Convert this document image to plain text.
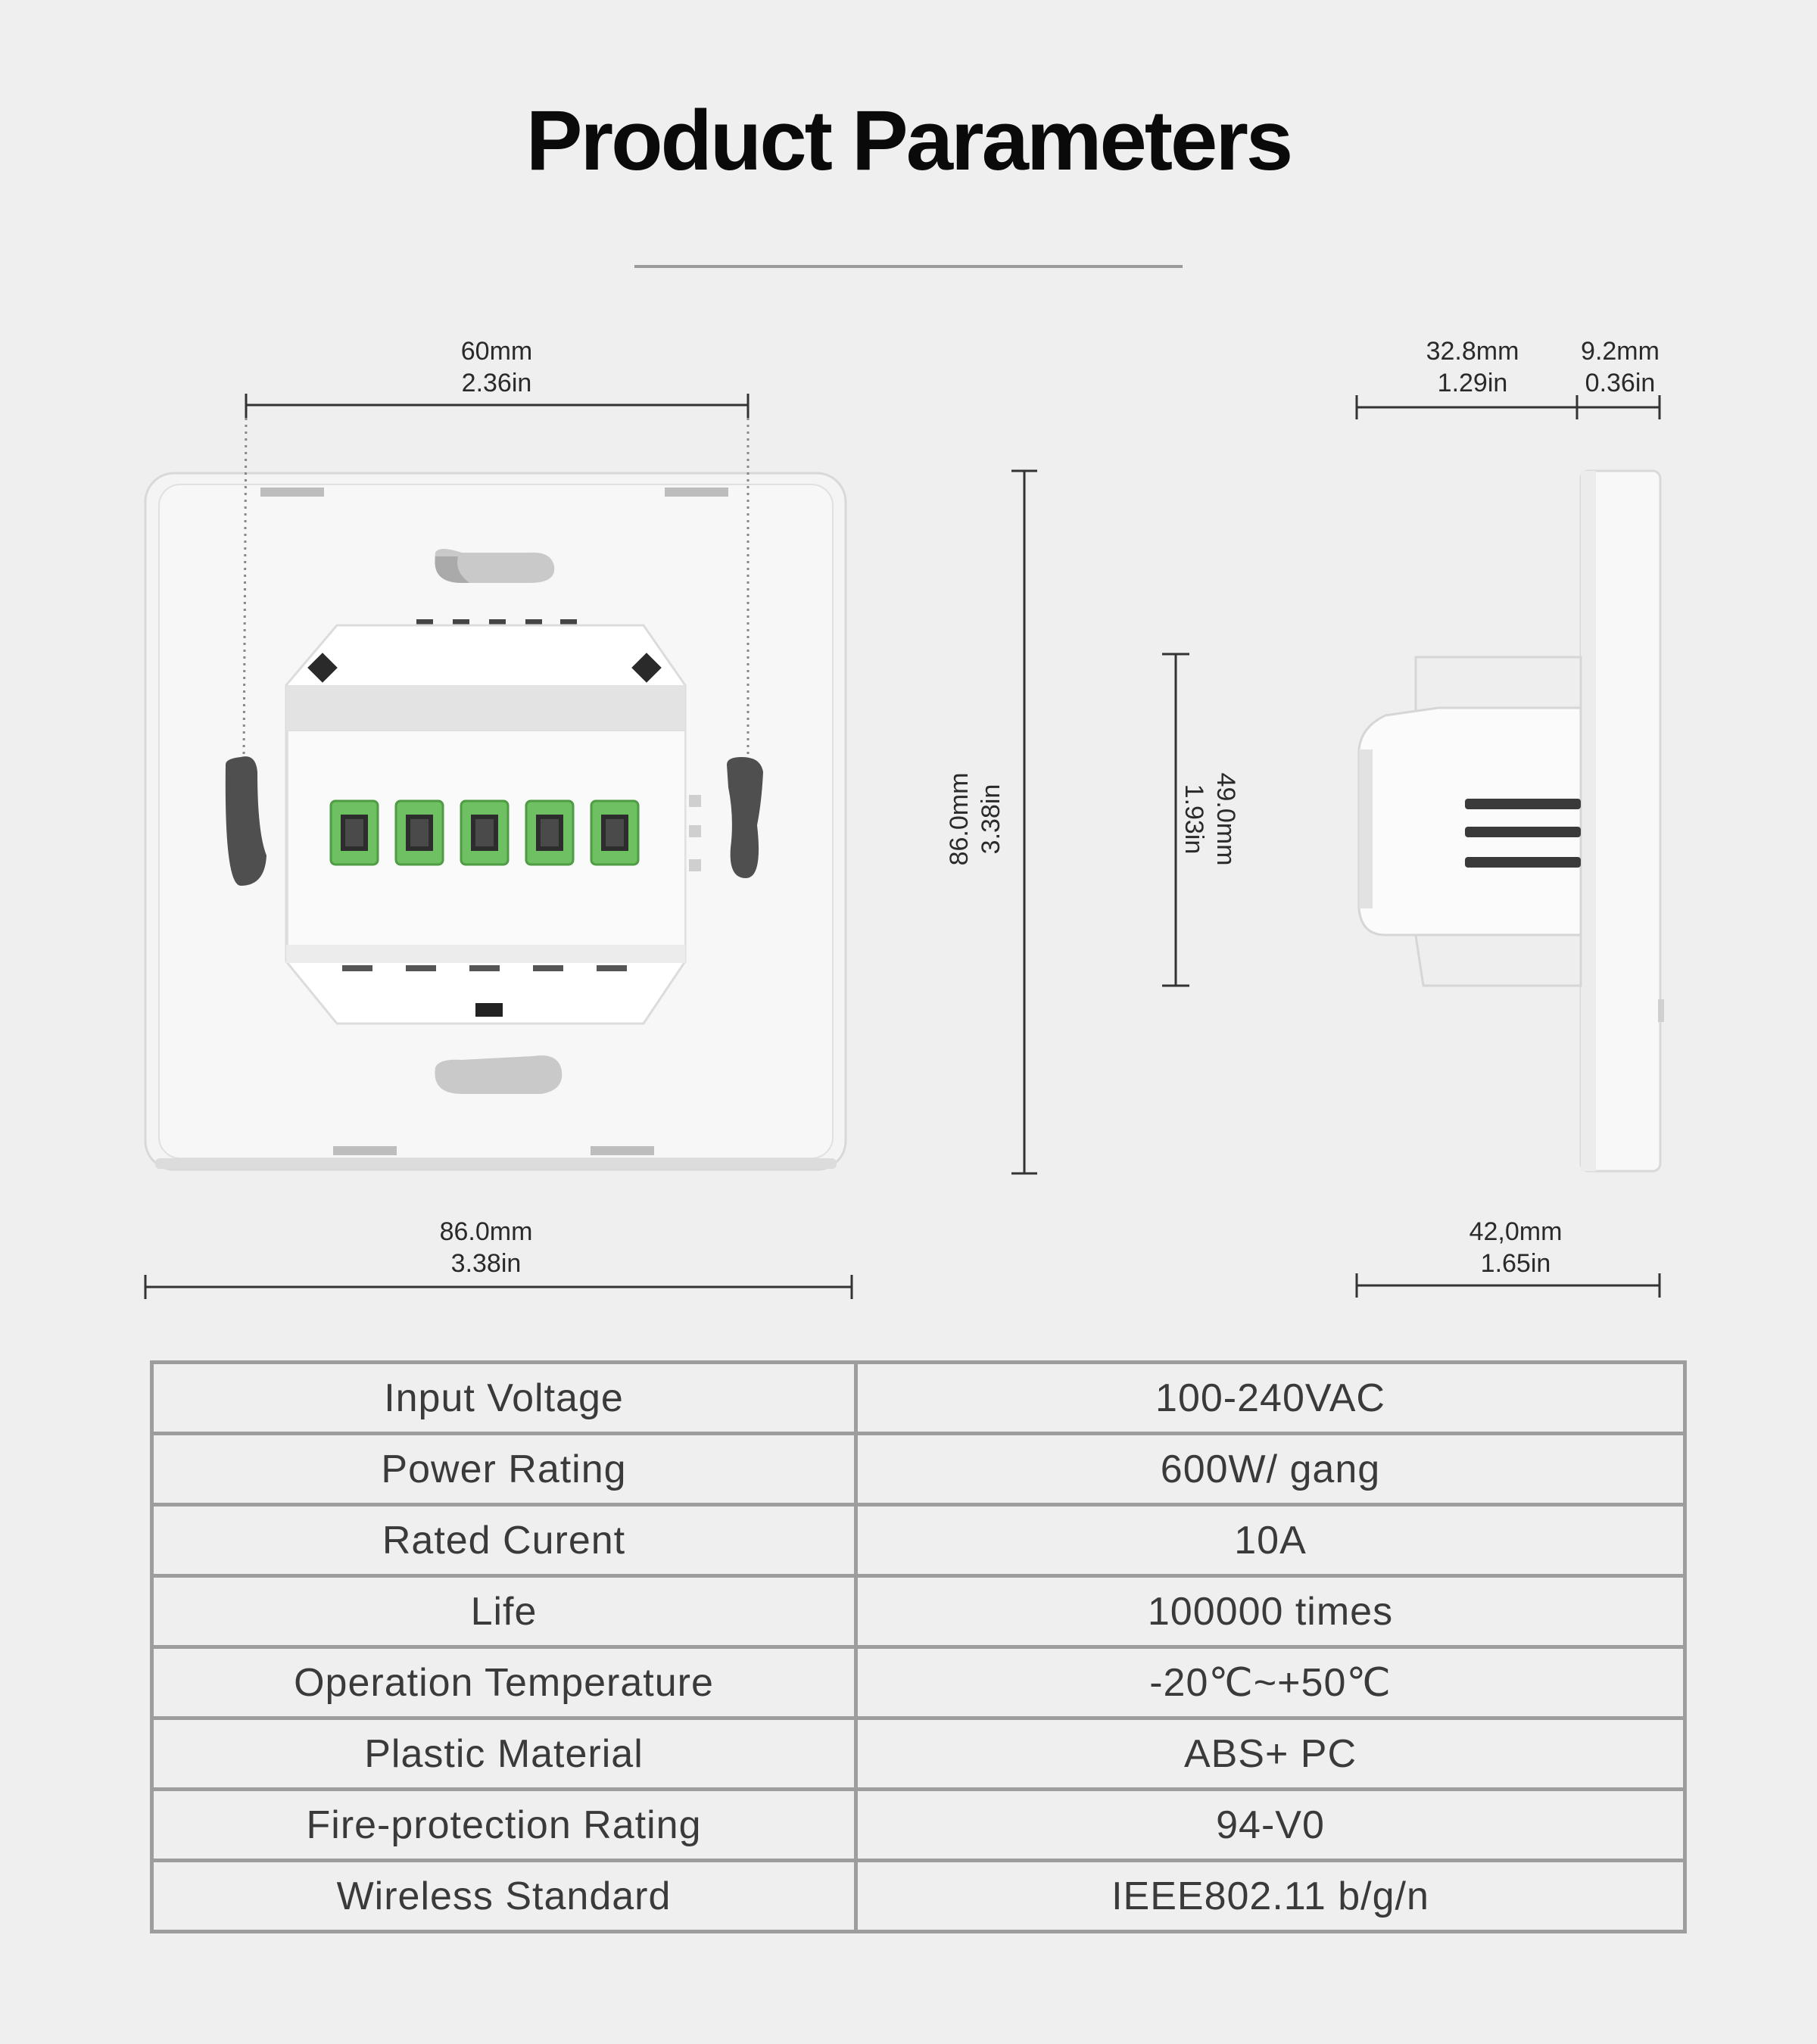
Product Parameters
60mm
2.36in
86.0mm
3.38in
86.0mm 3.38in	49.0mm
1.93in
32.8mm
1.29in
9.2mm
0.36in
42,0mm
1.65in
Input Voltage	100-240VAC
Power Rating	600W/ gang
Rated Curent	10A
Life	100000 times
Operation Temperature	-20℃~+50℃
Plastic Material	ABS+ PC
Fire-protection Rating	94-V0
Wireless Standard	IEEE802.11 b/g/n
